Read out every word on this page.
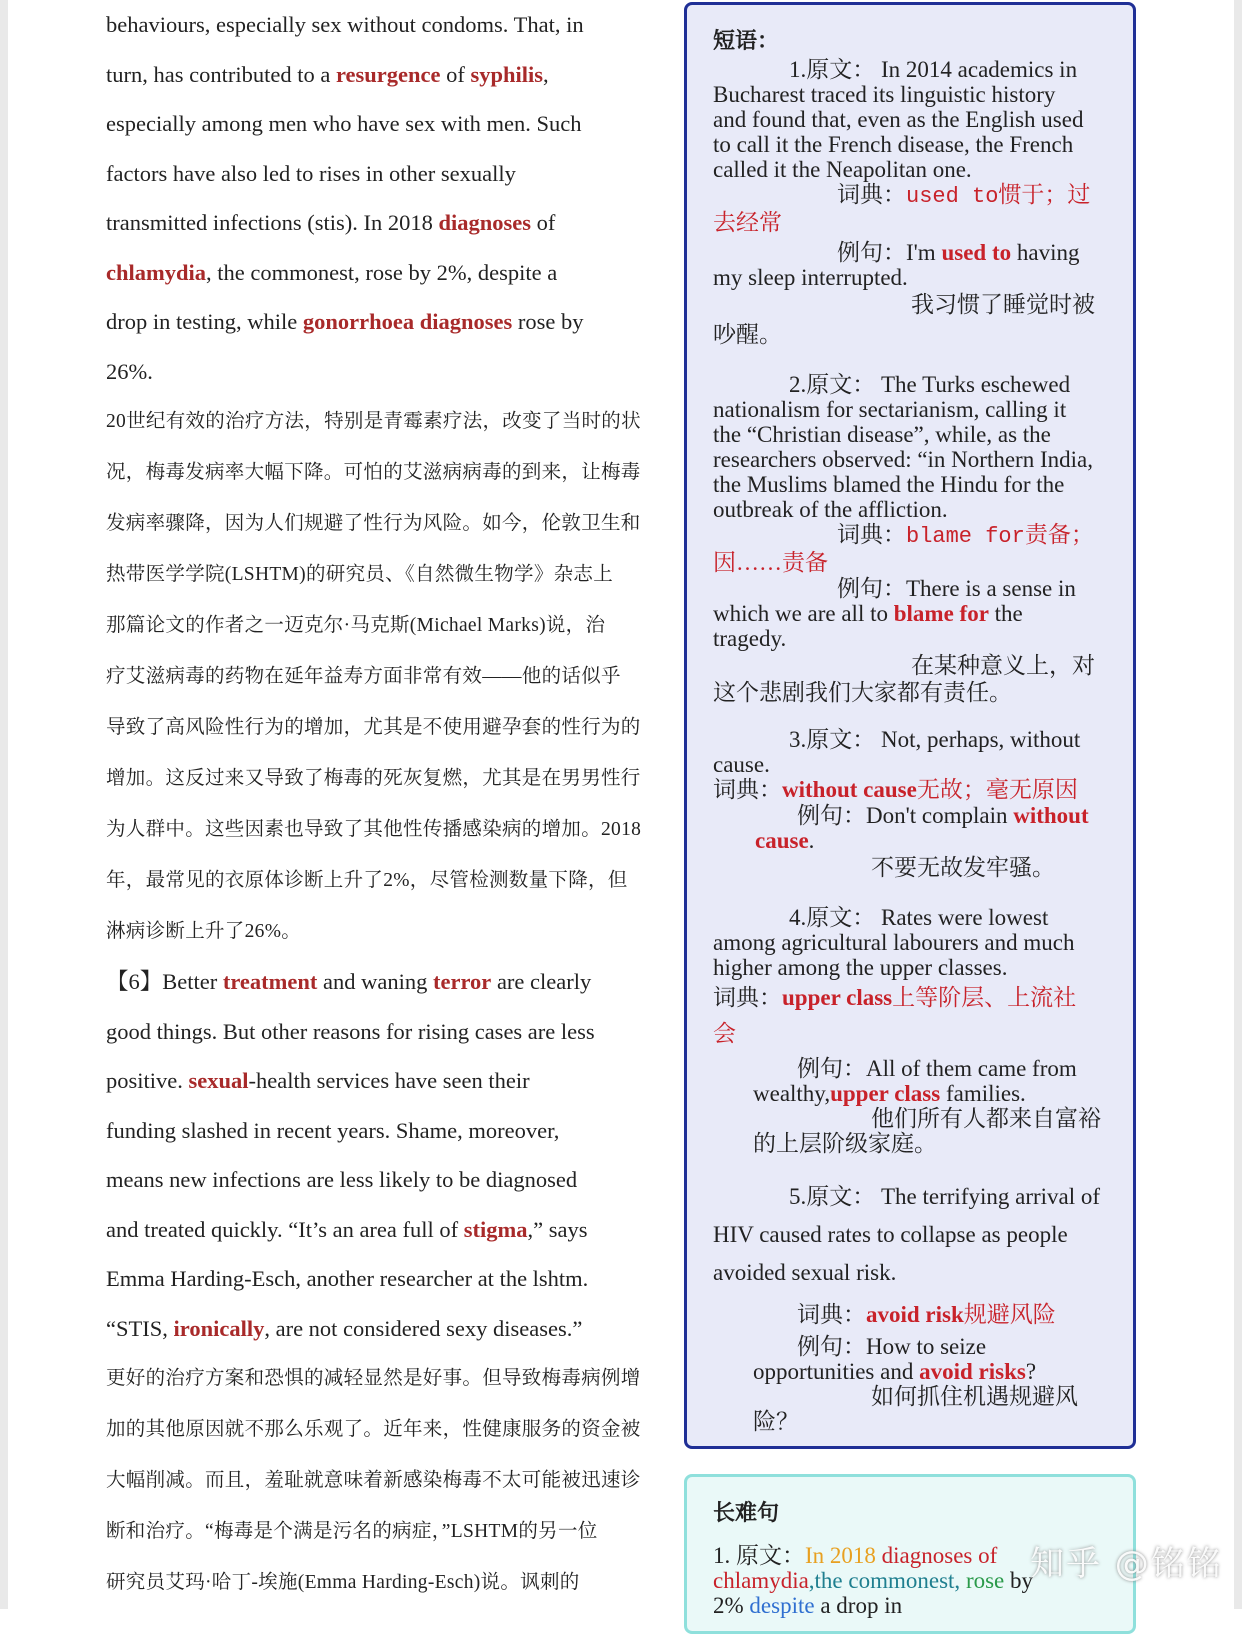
behaviours, especially sex without condoms. That, in

turn, has contributed to a resurgence of syphilis,

especially among men who have sex with men. Such

factors have also led to rises in other sexually

transmitted infections (stis). In 2018 diagnoses of

chlamydia, the commonest, rose by 2%, despite a

drop in testing, while gonorrhoea diagnoses rose by

26%.

20世纪有效的治疗方法，特别是青霉素疗法，改变了当时的状

况，梅毒发病率大幅下降。可怕的艾滋病病毒的到来，让梅毒

发病率骤降，因为人们规避了性行为风险。如今，伦敦卫生和

热带医学学院(LSHTM)的研究员、《自然微生物学》杂志上

那篇论文的作者之一迈克尔·马克斯(Michael Marks)说，治

疗艾滋病毒的药物在延年益寿方面非常有效——他的话似乎

导致了高风险性行为的增加，尤其是不使用避孕套的性行为的

增加。这反过来又导致了梅毒的死灰复燃，尤其是在男男性行

为人群中。这些因素也导致了其他性传播感染病的增加。2018

年，最常见的衣原体诊断上升了2%，尽管检测数量下降，但

淋病诊断上升了26%。

【6】Better treatment and waning terror are clearly

good things. But other reasons for rising cases are less

positive. sexual-health services have seen their

funding slashed in recent years. Shame, moreover,

means new infections are less likely to be diagnosed

and treated quickly. “It’s an area full of stigma,” says

Emma Harding-Esch, another researcher at the lshtm.

“STIS, ironically, are not considered sexy diseases.”

更好的治疗方案和恐惧的减轻显然是好事。但导致梅毒病例增

加的其他原因就不那么乐观了。近年来，性健康服务的资金被

大幅削减。而且，羞耻就意味着新感染梅毒不太可能被迅速诊

断和治疗。“梅毒是个满是污名的病症，”LSHTM的另一位

研究员艾玛·哈丁-埃施(Emma Harding-Esch)说。讽刺的

短语：

1.原文： In 2014 academics in

Bucharest traced its linguistic history

and found that, even as the English used

to call it the French disease, the French

called it the Neapolitan one.

词典：used to惯于；过

去经常

例句：I'm used to having

my sleep interrupted.

我习惯了睡觉时被

吵醒。

2.原文： The Turks eschewed

nationalism for sectarianism, calling it

the “Christian disease”, while, as the

researchers observed: “in Northern India,

the Muslims blamed the Hindu for the

outbreak of the affliction.

词典：blame for责备；

因……责备

例句：There is a sense in

which we are all to blame for the

tragedy.

在某种意义上，对

这个悲剧我们大家都有责任。

3.原文： Not, perhaps, without

cause.

词典：without cause无故；毫无原因

例句：Don't complain without

cause.

不要无故发牢骚。

4.原文： Rates were lowest

among agricultural labourers and much

higher among the upper classes.

词典：upper class上等阶层、上流社

会

例句：All of them came from

wealthy,upper class families.

他们所有人都来自富裕

的上层阶级家庭。

5.原文： The terrifying arrival of

HIV caused rates to collapse as people

avoided sexual risk.

词典：avoid risk规避风险

例句：How to seize

opportunities and avoid risks?

如何抓住机遇规避风

险？

长难句

1. 原文：In 2018 diagnoses of

chlamydia,the commonest, rose by

2% despite a drop in

知乎 @铭铭
